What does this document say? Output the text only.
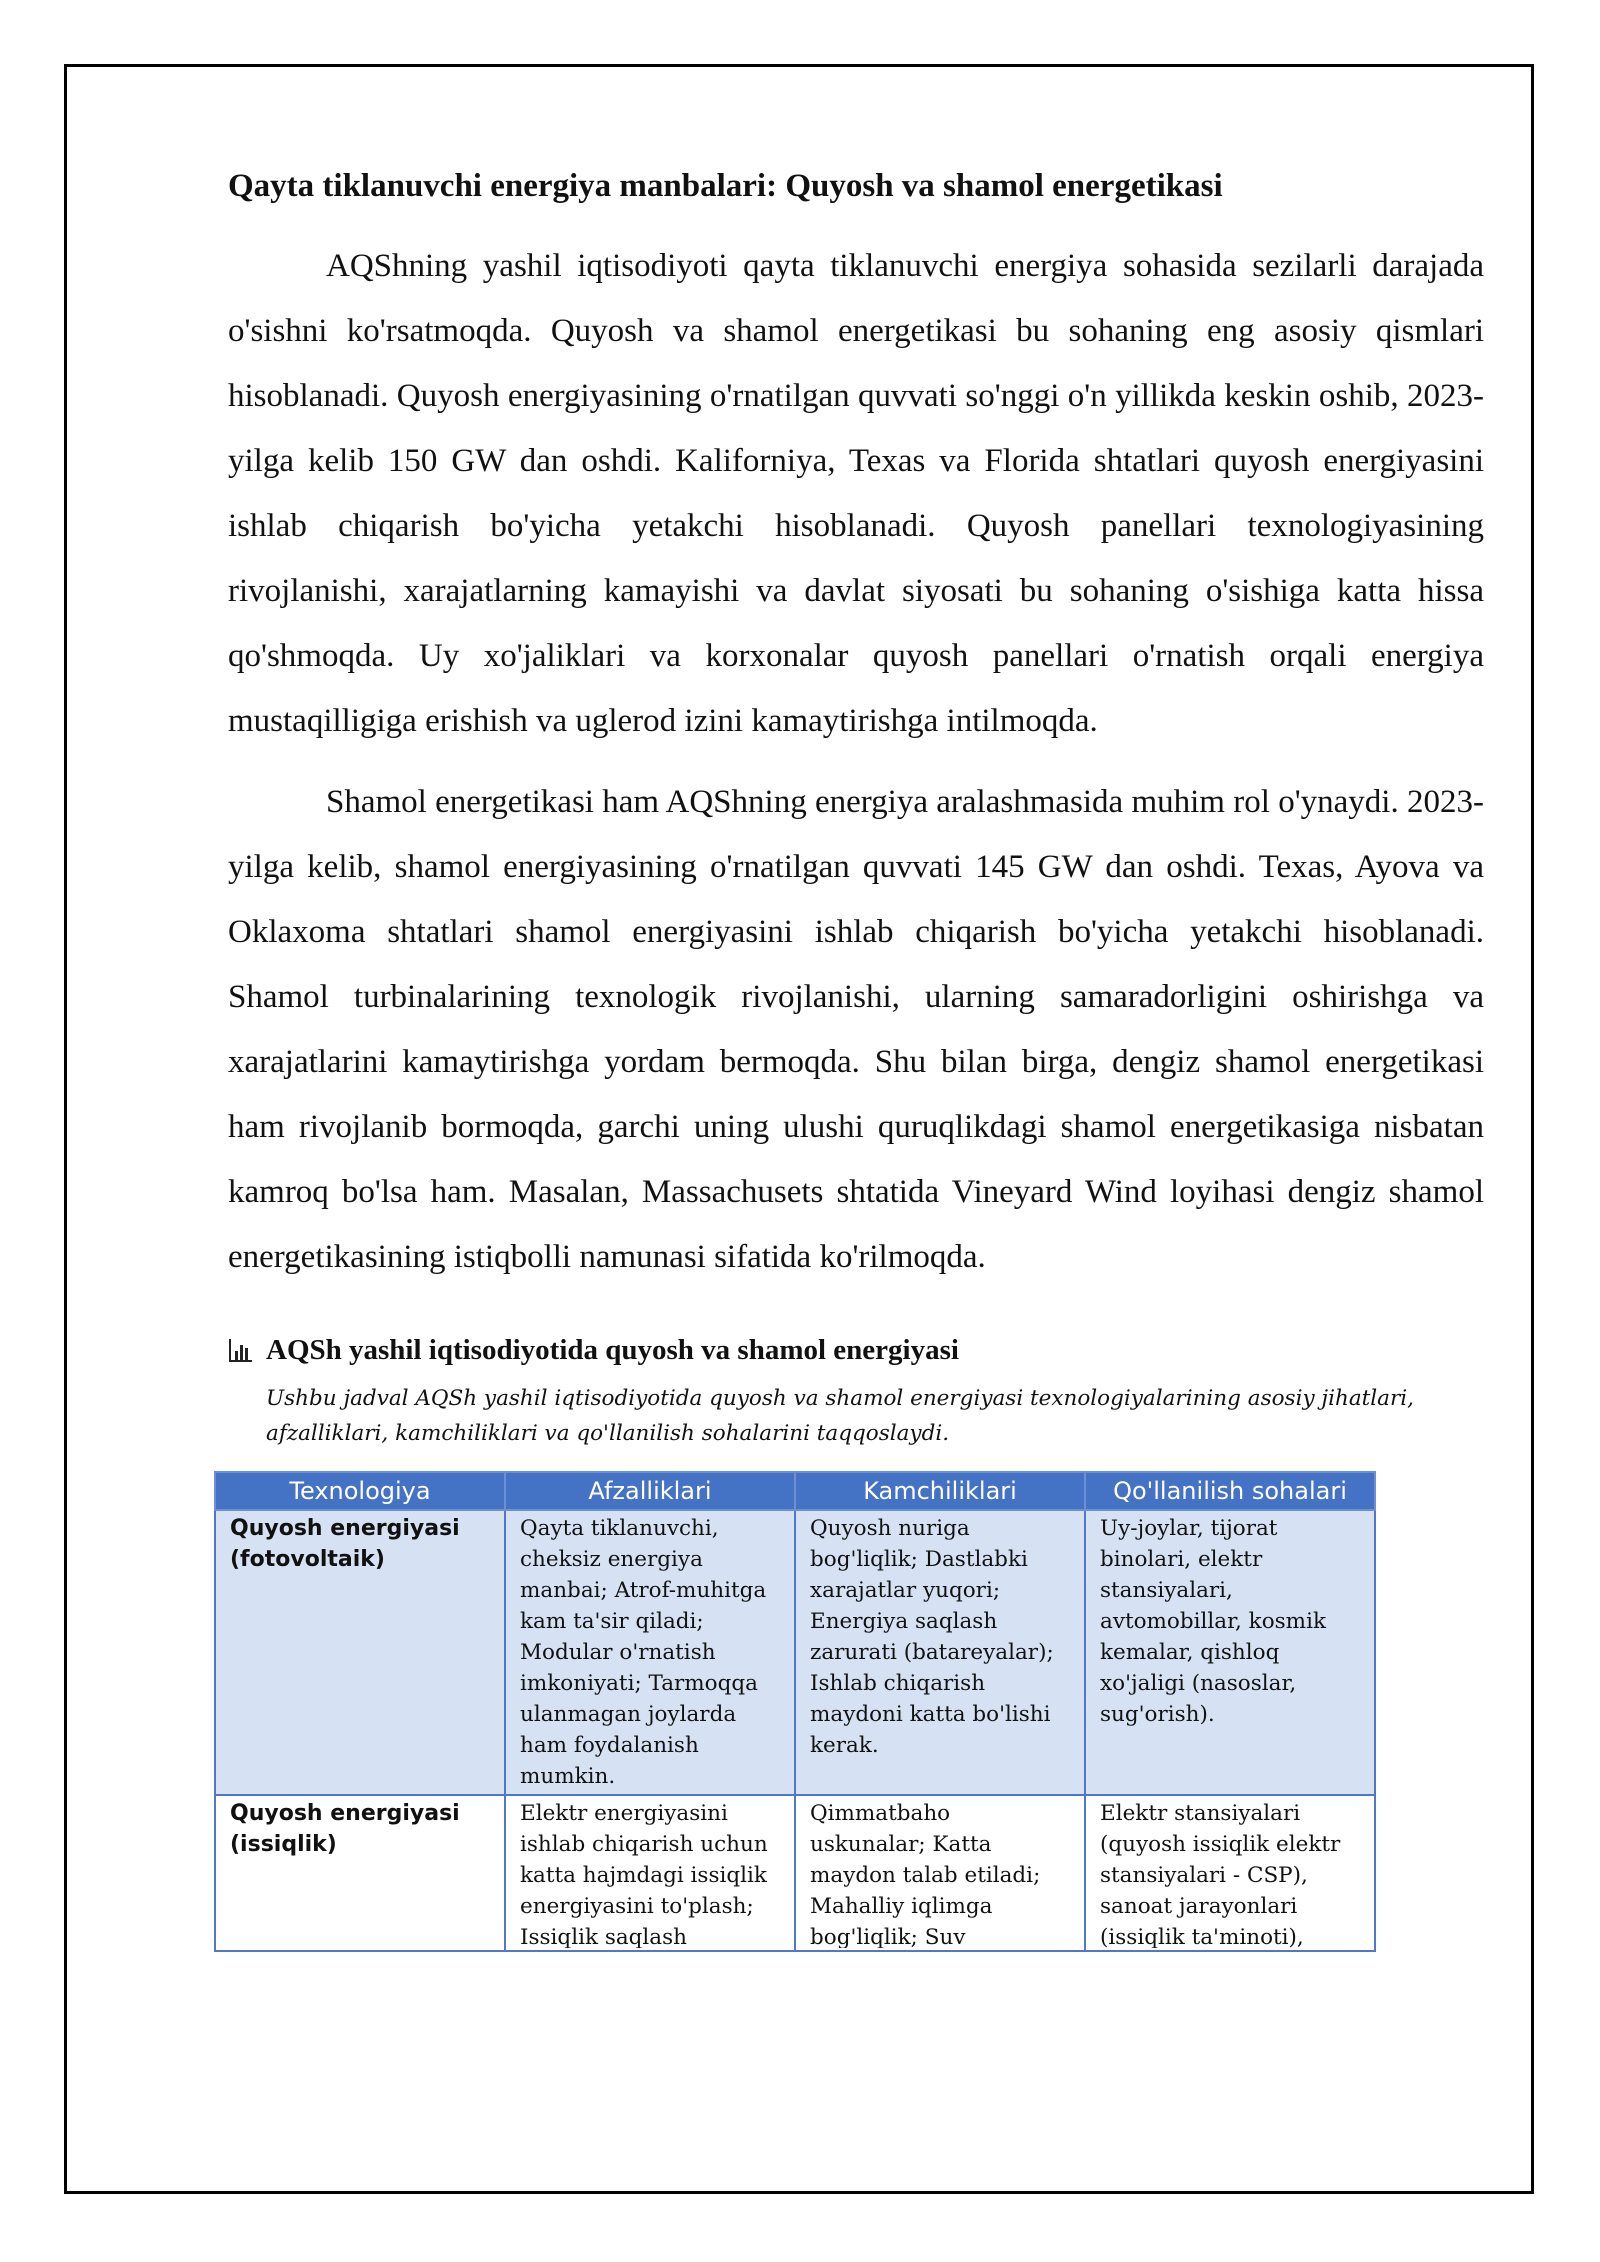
Qayta tiklanuvchi energiya manbalari: Quyosh va shamol energetikasi

AQShning yashil iqtisodiyoti qayta tiklanuvchi energiya sohasida sezilarli darajada o'sishni ko'rsatmoqda. Quyosh va shamol energetikasi bu sohaning eng asosiy qismlari hisoblanadi. Quyosh energiyasining o'rnatilgan quvvati so'nggi o'n yillikda keskin oshib, 2023-yilga kelib 150 GW dan oshdi. Kaliforniya, Texas va Florida shtatlari quyosh energiyasini ishlab chiqarish bo'yicha yetakchi hisoblanadi. Quyosh panellari texnologiyasining rivojlanishi, xarajatlarning kamayishi va davlat siyosati bu sohaning o'sishiga katta hissa qo'shmoqda. Uy xo'jaliklari va korxonalar quyosh panellari o'rnatish orqali energiya mustaqilligiga erishish va uglerod izini kamaytirishga intilmoqda.

Shamol energetikasi ham AQShning energiya aralashmasida muhim rol o'ynaydi. 2023-yilga kelib, shamol energiyasining o'rnatilgan quvvati 145 GW dan oshdi. Texas, Ayova va Oklaxoma shtatlari shamol energiyasini ishlab chiqarish bo'yicha yetakchi hisoblanadi. Shamol turbinalarining texnologik rivojlanishi, ularning samaradorligini oshirishga va xarajatlarini kamaytirishga yordam bermoqda. Shu bilan birga, dengiz shamol energetikasi ham rivojlanib bormoqda, garchi uning ulushi quruqlikdagi shamol energetikasiga nisbatan kamroq bo'lsa ham. Masalan, Massachusets shtatida Vineyard Wind loyihasi dengiz shamol energetikasining istiqbolli namunasi sifatida ko'rilmoqda.

AQSh yashil iqtisodiyotida quyosh va shamol energiyasi
Ushbu jadval AQSh yashil iqtisodiyotida quyosh va shamol energiyasi texnologiyalarining asosiy jihatlari, afzalliklari, kamchiliklari va qo'llanilish sohalarini taqqoslaydi.
Texnologiya	Afzalliklari	Kamchiliklari	Qo'llanilish sohalari
Quyosh energiyasi (fotovoltaik)	Qayta tiklanuvchi, cheksiz energiya manbai; Atrof-muhitga kam ta'sir qiladi; Modular o'rnatish imkoniyati; Tarmoqqa ulanmagan joylarda ham foydalanish mumkin.	Quyosh nuriga bog'liqlik; Dastlabki xarajatlar yuqori; Energiya saqlash zarurati (batareyalar); Ishlab chiqarish maydoni katta bo'lishi kerak.	Uy-joylar, tijorat binolari, elektr stansiyalari, avtomobillar, kosmik kemalar, qishloq xo'jaligi (nasoslar, sug'orish).

Quyosh energiyasi (issiqlik)	Elektr energiyasini ishlab chiqarish uchun katta hajmdagi issiqlik energiyasini to'plash; Issiqlik saqlash	Qimmatbaho uskunalar; Katta maydon talab etiladi; Mahalliy iqlimga bog'liqlik; Suv	Elektr stansiyalari (quyosh issiqlik elektr stansiyalari - CSP), sanoat jarayonlari (issiqlik ta'minoti),
